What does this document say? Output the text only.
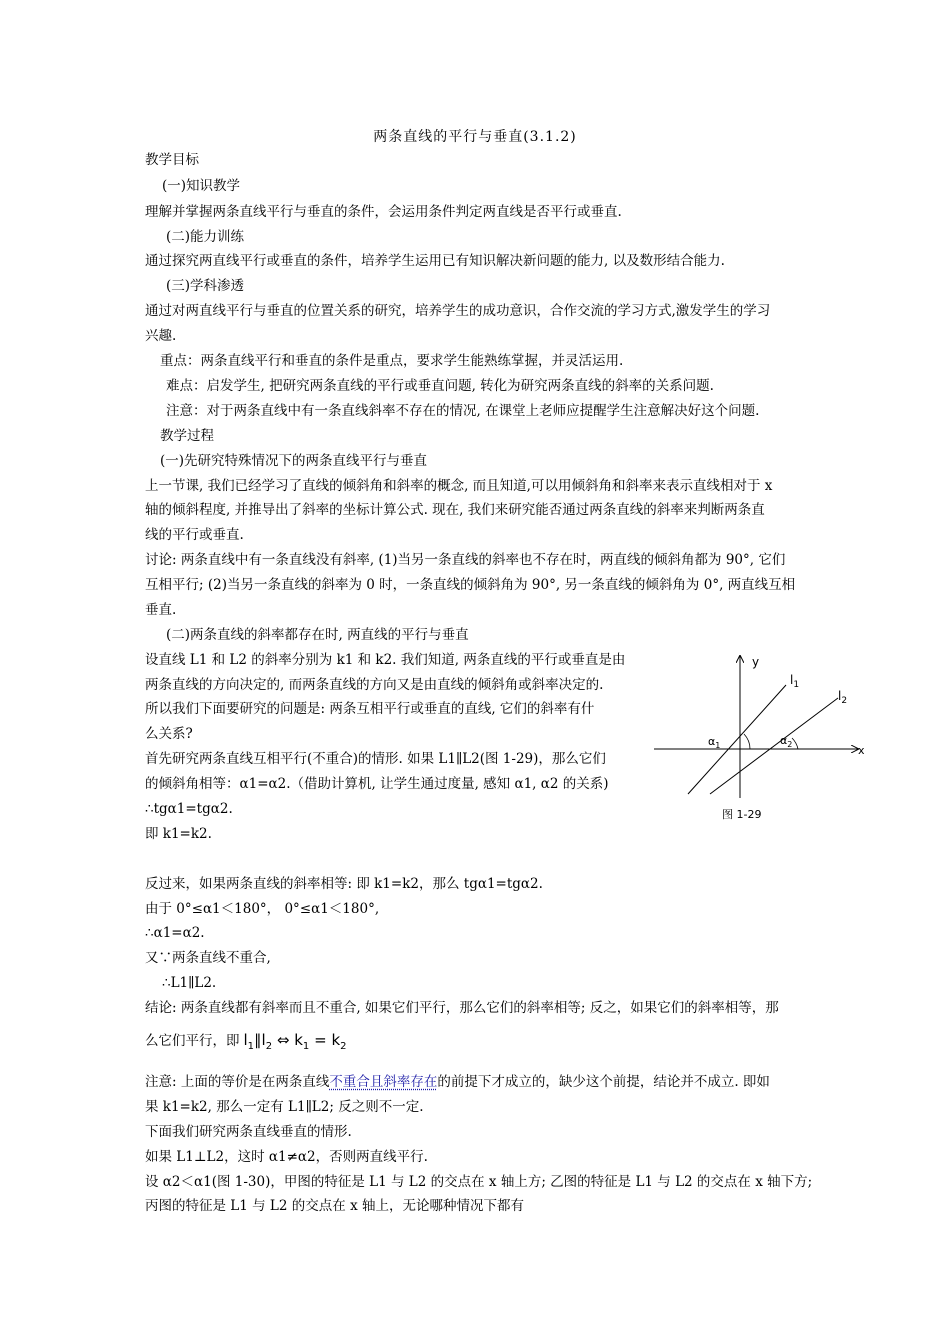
两条直线的平行与垂直(3.1.2)
教学目标
(一)知识教学
理解并掌握两条直线平行与垂直的条件，会运用条件判定两直线是否平行或垂直.
(二)能力训练
通过探究两直线平行或垂直的条件，培养学生运用已有知识解决新问题的能力, 以及数形结合能力.
(三)学科渗透
通过对两直线平行与垂直的位置关系的研究，培养学生的成功意识，合作交流的学习方式,激发学生的学习
兴趣.
重点：两条直线平行和垂直的条件是重点，要求学生能熟练掌握，并灵活运用.
难点：启发学生, 把研究两条直线的平行或垂直问题, 转化为研究两条直线的斜率的关系问题.
注意：对于两条直线中有一条直线斜率不存在的情况, 在课堂上老师应提醒学生注意解决好这个问题.
教学过程
(一)先研究特殊情况下的两条直线平行与垂直
上一节课, 我们已经学习了直线的倾斜角和斜率的概念, 而且知道,可以用倾斜角和斜率来表示直线相对于 x
轴的倾斜程度, 并推导出了斜率的坐标计算公式. 现在, 我们来研究能否通过两条直线的斜率来判断两条直
线的平行或垂直.
讨论: 两条直线中有一条直线没有斜率, (1)当另一条直线的斜率也不存在时，两直线的倾斜角都为 90°, 它们
互相平行; (2)当另一条直线的斜率为 0 时，一条直线的倾斜角为 90°, 另一条直线的倾斜角为 0°, 两直线互相
垂直.
(二)两条直线的斜率都存在时, 两直线的平行与垂直
设直线 L1 和 L2 的斜率分别为 k1 和 k2. 我们知道, 两条直线的平行或垂直是由
两条直线的方向决定的, 而两条直线的方向又是由直线的倾斜角或斜率决定的.
所以我们下面要研究的问题是: 两条互相平行或垂直的直线, 它们的斜率有什
么关系?
首先研究两条直线互相平行(不重合)的情形. 如果 L1∥L2(图 1-29)，那么它们
的倾斜角相等：α1=α2.（借助计算机, 让学生通过度量, 感知 α1, α2 的关系)
∴tgα1=tgα2.
即 k1=k2.
反过来，如果两条直线的斜率相等: 即 k1=k2，那么 tgα1=tgα2.
由于 0°≤α1＜180°， 0°≤α1＜180°,
∴α1=α2.
又∵两条直线不重合,
∴L1∥L2.
结论: 两条直线都有斜率而且不重合, 如果它们平行，那么它们的斜率相等; 反之，如果它们的斜率相等，那
么它们平行，即 $l_1\parallel l_2$ ⇔ $k_1 = k_2$
注意: 上面的等价是在两条直线不重合且斜率存在的前提下才成立的，缺少这个前提，结论并不成立. 即如
果 k1=k2, 那么一定有 L1∥L2; 反之则不一定.
下面我们研究两条直线垂直的情形.
如果 L1⊥L2，这时 α1≠α2，否则两直线平行.
设 α2＜α1(图 1-30)，甲图的特征是 L1 与 L2 的交点在 x 轴上方; 乙图的特征是 L1 与 L2 的交点在 x 轴下方;
丙图的特征是 L1 与 L2 的交点在 x 轴上，无论哪种情况下都有
y
x
$l_1$
$l_2$
$\alpha_1$	$\alpha_2$
图 1-29
